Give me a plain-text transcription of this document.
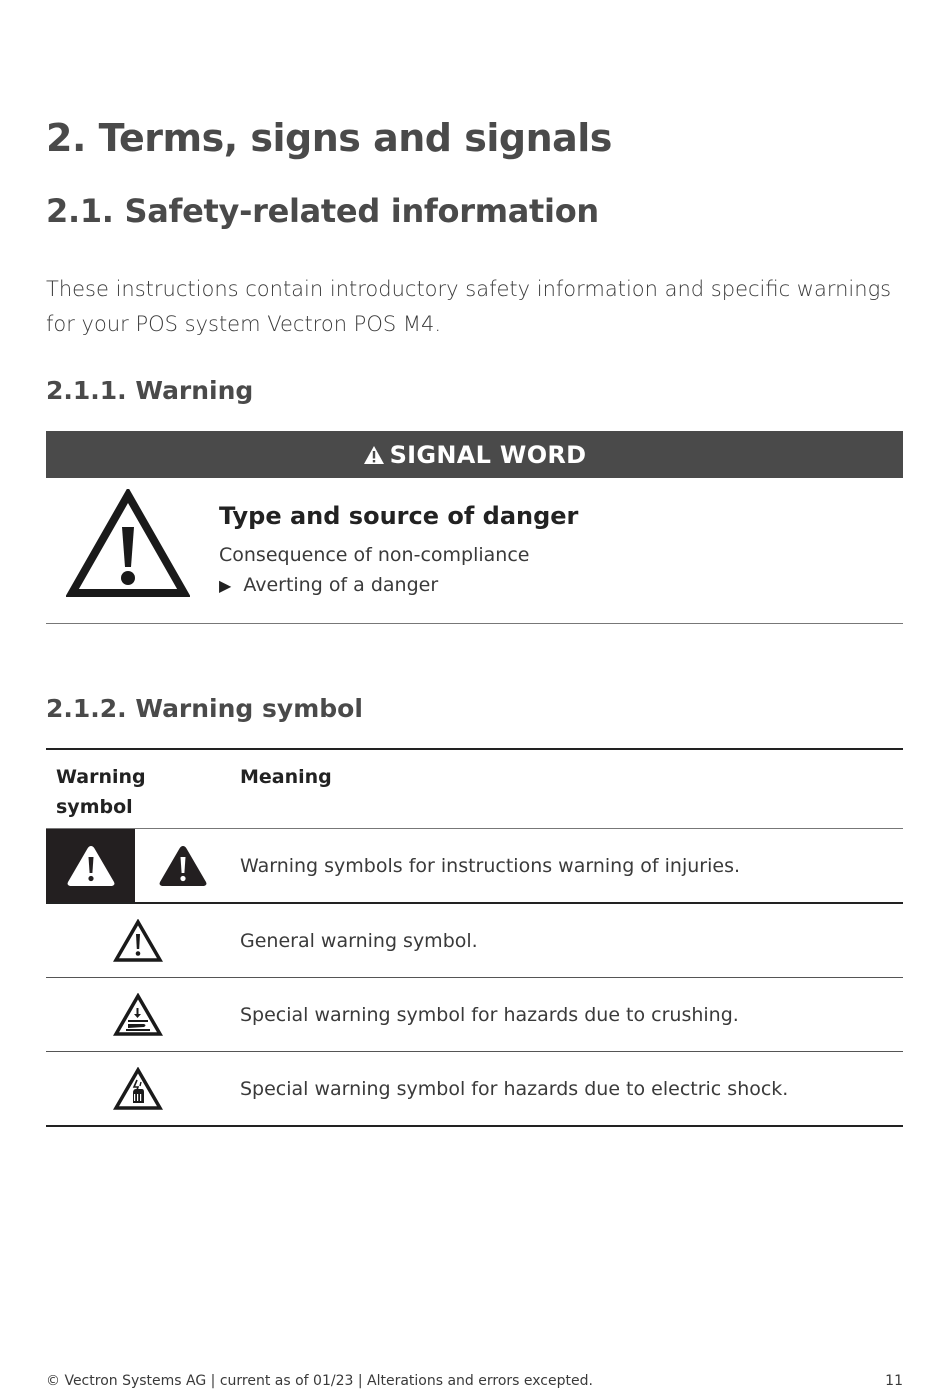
2. Terms, signs and signals
2.1. Safety-related information

These instructions contain introductory safety information and specific warnings for your POS system Vectron POS M4.

2.1.1. Warning
SIGNAL WORD
Type and source of danger
Consequence of non-compliance
▶ Averting of a danger
2.1.2. Warning symbol
Warning symbol	Meaning

	Warning symbols for instructions warning of injuries.

	General warning symbol.

	Special warning symbol for hazards due to crushing.

	Special warning symbol for hazards due to electric shock.
© Vectron Systems AG | current as of 01/23 | Alterations and errors excepted.	11
